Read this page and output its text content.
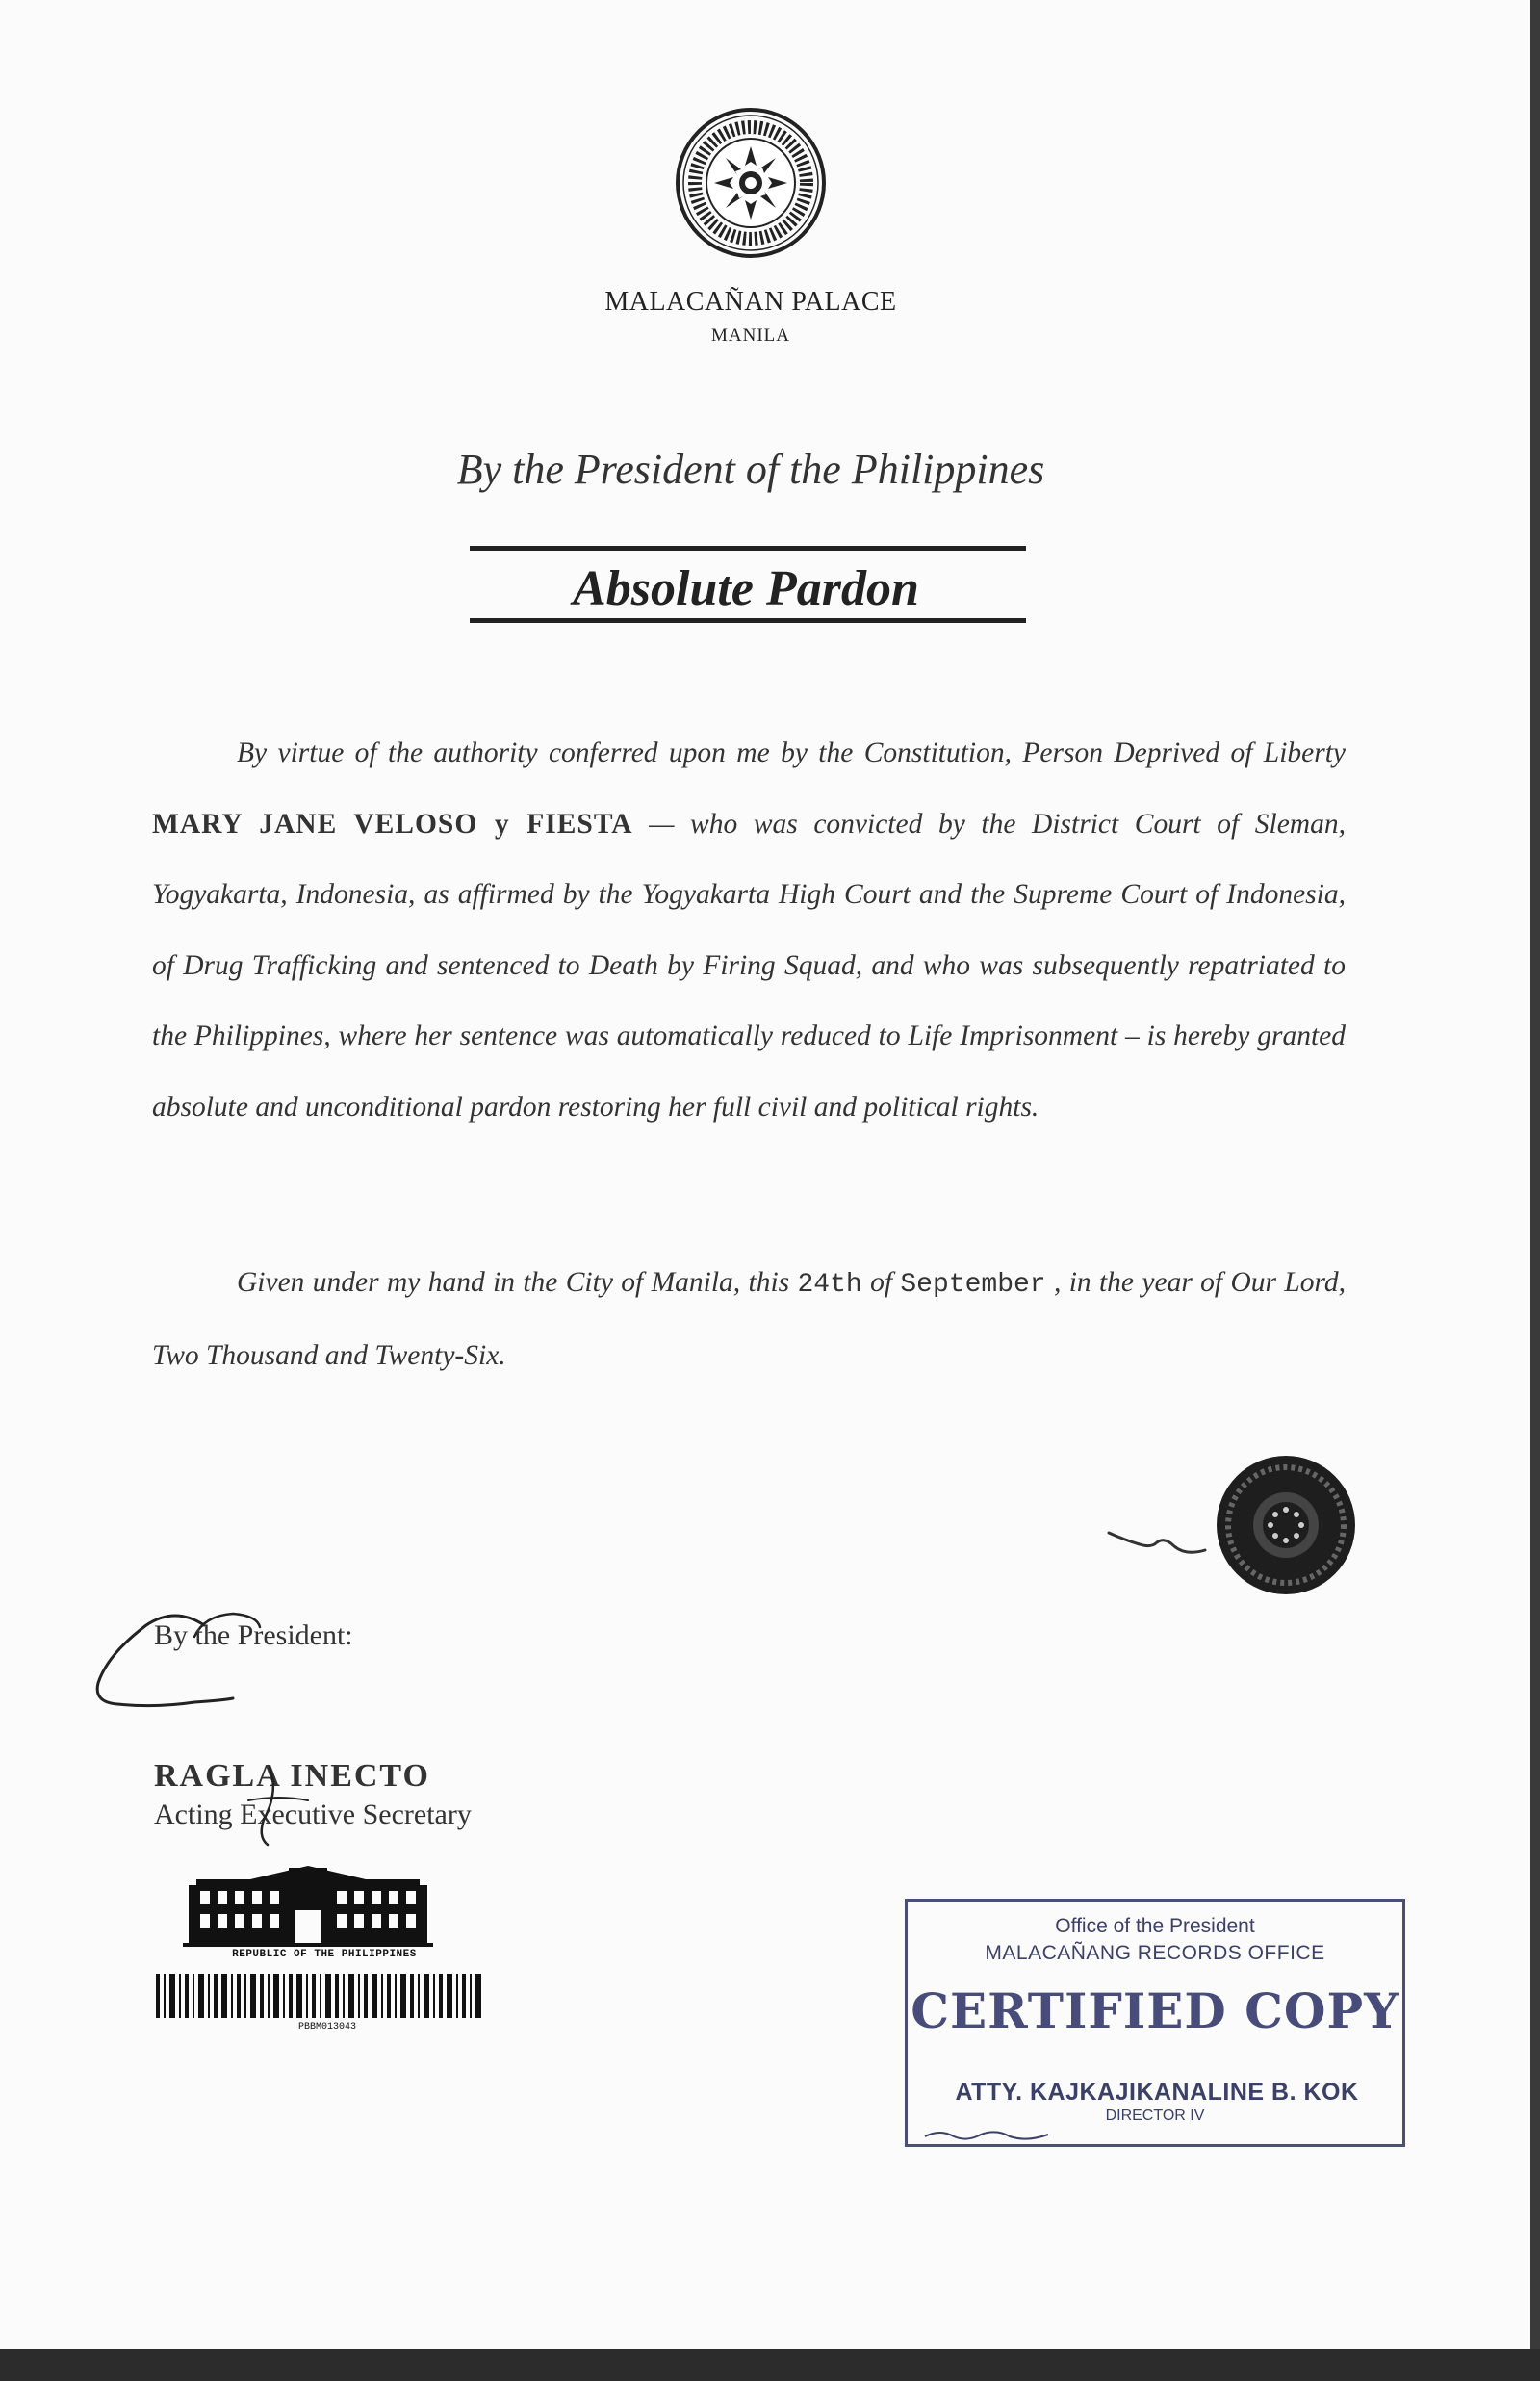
MALACAÑAN PALACE
MANILA
By the President of the Philippines
Absolute Pardon

By virtue of the authority conferred upon me by the Constitution, Person Deprived of Liberty MARY JANE VELOSO y FIESTA — who was convicted by the District Court of Sleman, Yogyakarta, Indonesia, as affirmed by the Yogyakarta High Court and the Supreme Court of Indonesia, of Drug Trafficking and sentenced to Death by Firing Squad, and who was subsequently repatriated to the Philippines, where her sentence was automatically reduced to Life Imprisonment – is hereby granted absolute and unconditional pardon restoring her full civil and political rights.

Given under my hand in the City of Manila, this 24th of September , in the year of Our Lord, Two Thousand and Twenty-Six.

By the President:
RAGLA INECTO
Acting Executive Secretary
REPUBLIC OF THE PHILIPPINES
PBBM013043
Office of the President
MALACAÑANG RECORDS OFFICE
CERTIFIED COPY
ATTY. KAJKAJIKANALINE B. KOK
DIRECTOR IV
